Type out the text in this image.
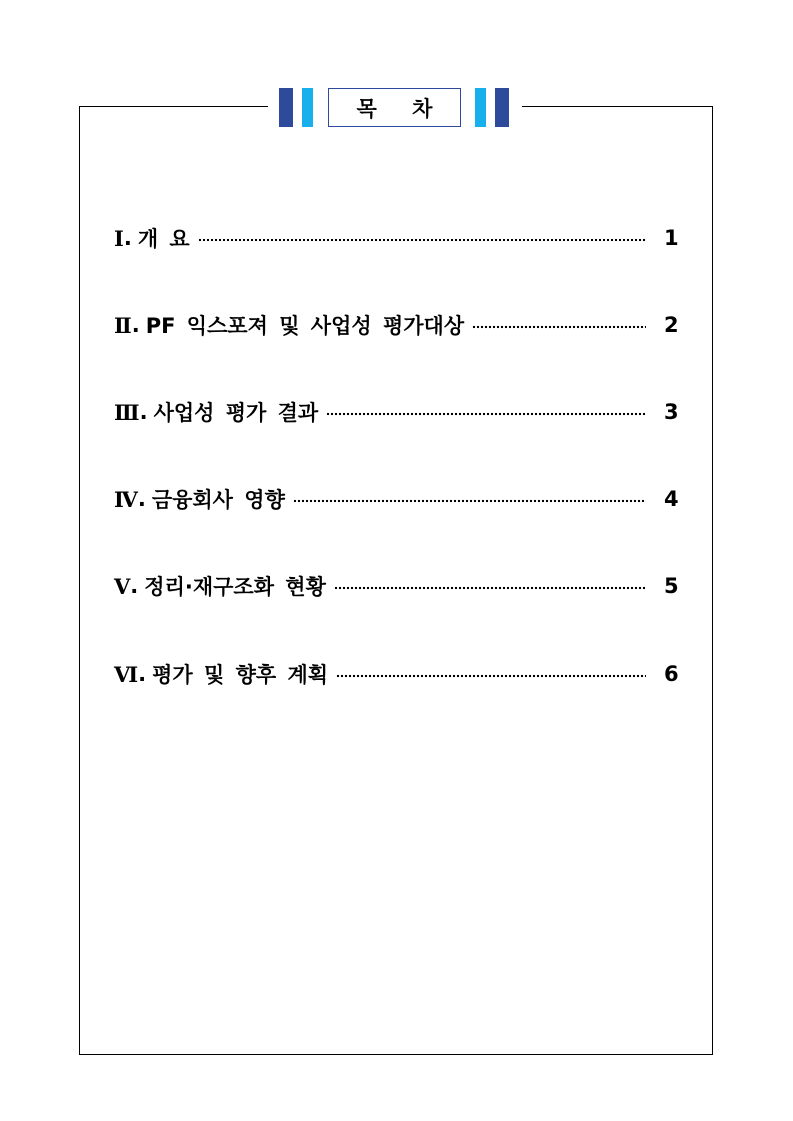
목 차
Ⅰ . 개 요	1
Ⅱ . PF 익스포져 및 사업성 평가대상	2
Ⅲ . 사업성 평가 결과	3
Ⅳ . 금융회사 영향	4
Ⅴ . 정리·재구조화 현황	5
Ⅵ . 평가 및 향후 계획	6
